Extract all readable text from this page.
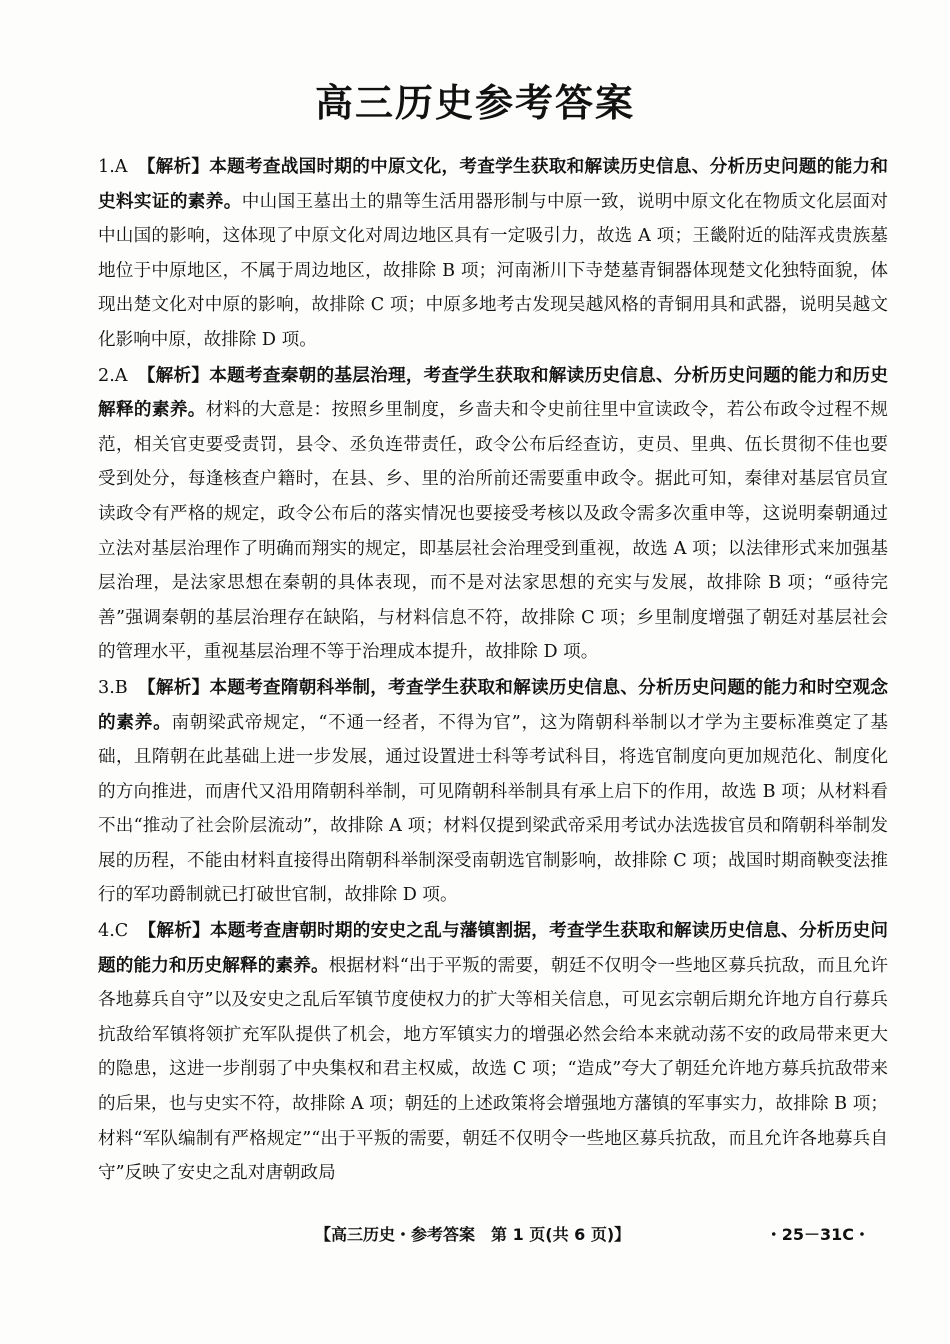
高三历史参考答案

1.A 【解析】本题考查战国时期的中原文化，考查学生获取和解读历史信息、分析历史问题的能力和史料实证的素养。中山国王墓出土的鼎等生活用器形制与中原一致，说明中原文化在物质文化层面对中山国的影响，这体现了中原文化对周边地区具有一定吸引力，故选 A 项；王畿附近的陆浑戎贵族墓地位于中原地区，不属于周边地区，故排除 B 项；河南淅川下寺楚墓青铜器体现楚文化独特面貌，体现出楚文化对中原的影响，故排除 C 项；中原多地考古发现吴越风格的青铜用具和武器，说明吴越文化影响中原，故排除 D 项。

2.A 【解析】本题考查秦朝的基层治理，考查学生获取和解读历史信息、分析历史问题的能力和历史解释的素养。材料的大意是：按照乡里制度，乡啬夫和令史前往里中宣读政令，若公布政令过程不规范，相关官吏要受责罚，县令、丞负连带责任，政令公布后经查访，吏员、里典、伍长贯彻不佳也要受到处分，每逢核查户籍时，在县、乡、里的治所前还需要重申政令。据此可知，秦律对基层官员宣读政令有严格的规定，政令公布后的落实情况也要接受考核以及政令需多次重申等，这说明秦朝通过立法对基层治理作了明确而翔实的规定，即基层社会治理受到重视，故选 A 项；以法律形式来加强基层治理，是法家思想在秦朝的具体表现，而不是对法家思想的充实与发展，故排除 B 项；“亟待完善”强调秦朝的基层治理存在缺陷，与材料信息不符，故排除 C 项；乡里制度增强了朝廷对基层社会的管理水平，重视基层治理不等于治理成本提升，故排除 D 项。

3.B 【解析】本题考查隋朝科举制，考查学生获取和解读历史信息、分析历史问题的能力和时空观念的素养。南朝梁武帝规定，“不通一经者，不得为官”，这为隋朝科举制以才学为主要标准奠定了基础，且隋朝在此基础上进一步发展，通过设置进士科等考试科目，将选官制度向更加规范化、制度化的方向推进，而唐代又沿用隋朝科举制，可见隋朝科举制具有承上启下的作用，故选 B 项；从材料看不出“推动了社会阶层流动”，故排除 A 项；材料仅提到梁武帝采用考试办法选拔官员和隋朝科举制发展的历程，不能由材料直接得出隋朝科举制深受南朝选官制影响，故排除 C 项；战国时期商鞅变法推行的军功爵制就已打破世官制，故排除 D 项。

4.C 【解析】本题考查唐朝时期的安史之乱与藩镇割据，考查学生获取和解读历史信息、分析历史问题的能力和历史解释的素养。根据材料“出于平叛的需要，朝廷不仅明令一些地区募兵抗敌，而且允许各地募兵自守”以及安史之乱后军镇节度使权力的扩大等相关信息，可见玄宗朝后期允许地方自行募兵抗敌给军镇将领扩充军队提供了机会，地方军镇实力的增强必然会给本来就动荡不安的政局带来更大的隐患，这进一步削弱了中央集权和君主权威，故选 C 项；“造成”夸大了朝廷允许地方募兵抗敌带来的后果，也与史实不符，故排除 A 项；朝廷的上述政策将会增强地方藩镇的军事实力，故排除 B 项；材料“军队编制有严格规定”“出于平叛的需要，朝廷不仅明令一些地区募兵抗敌，而且允许各地募兵自守”反映了安史之乱对唐朝政局

【高三历史・参考答案　第 1 页(共 6 页)】	・25－31C・
